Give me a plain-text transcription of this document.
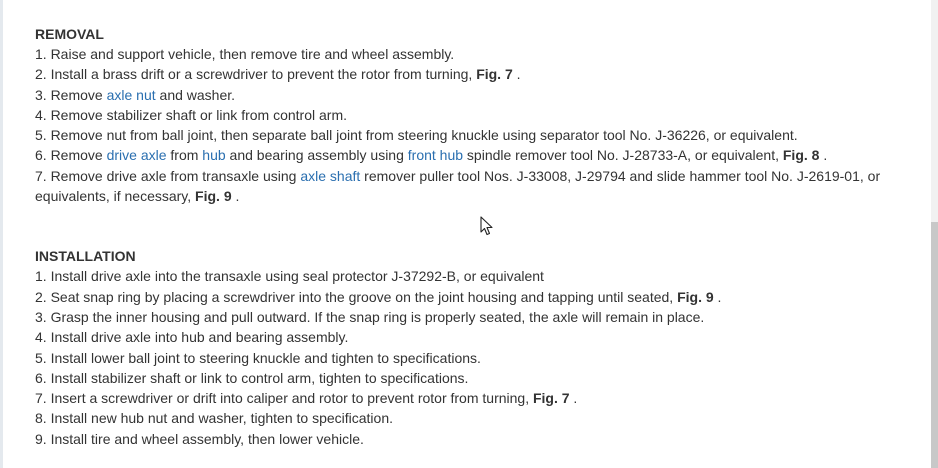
REMOVAL
1. Raise and support vehicle, then remove tire and wheel assembly.
2. Install a brass drift or a screwdriver to prevent the rotor from turning, Fig. 7 .
3. Remove axle nut and washer.
4. Remove stabilizer shaft or link from control arm.
5. Remove nut from ball joint, then separate ball joint from steering knuckle using separator tool No. J-36226, or equivalent.
6. Remove drive axle from hub and bearing assembly using front hub spindle remover tool No. J-28733-A, or equivalent, Fig. 8 .
7. Remove drive axle from transaxle using axle shaft remover puller tool Nos. J-33008, J-29794 and slide hammer tool No. J-2619-01, or equivalents, if necessary, Fig. 9 .
INSTALLATION
1. Install drive axle into the transaxle using seal protector J-37292-B, or equivalent
2. Seat snap ring by placing a screwdriver into the groove on the joint housing and tapping until seated, Fig. 9 .
3. Grasp the inner housing and pull outward. If the snap ring is properly seated, the axle will remain in place.
4. Install drive axle into hub and bearing assembly.
5. Install lower ball joint to steering knuckle and tighten to specifications.
6. Install stabilizer shaft or link to control arm, tighten to specifications.
7. Insert a screwdriver or drift into caliper and rotor to prevent rotor from turning, Fig. 7 .
8. Install new hub nut and washer, tighten to specification.
9. Install tire and wheel assembly, then lower vehicle.
